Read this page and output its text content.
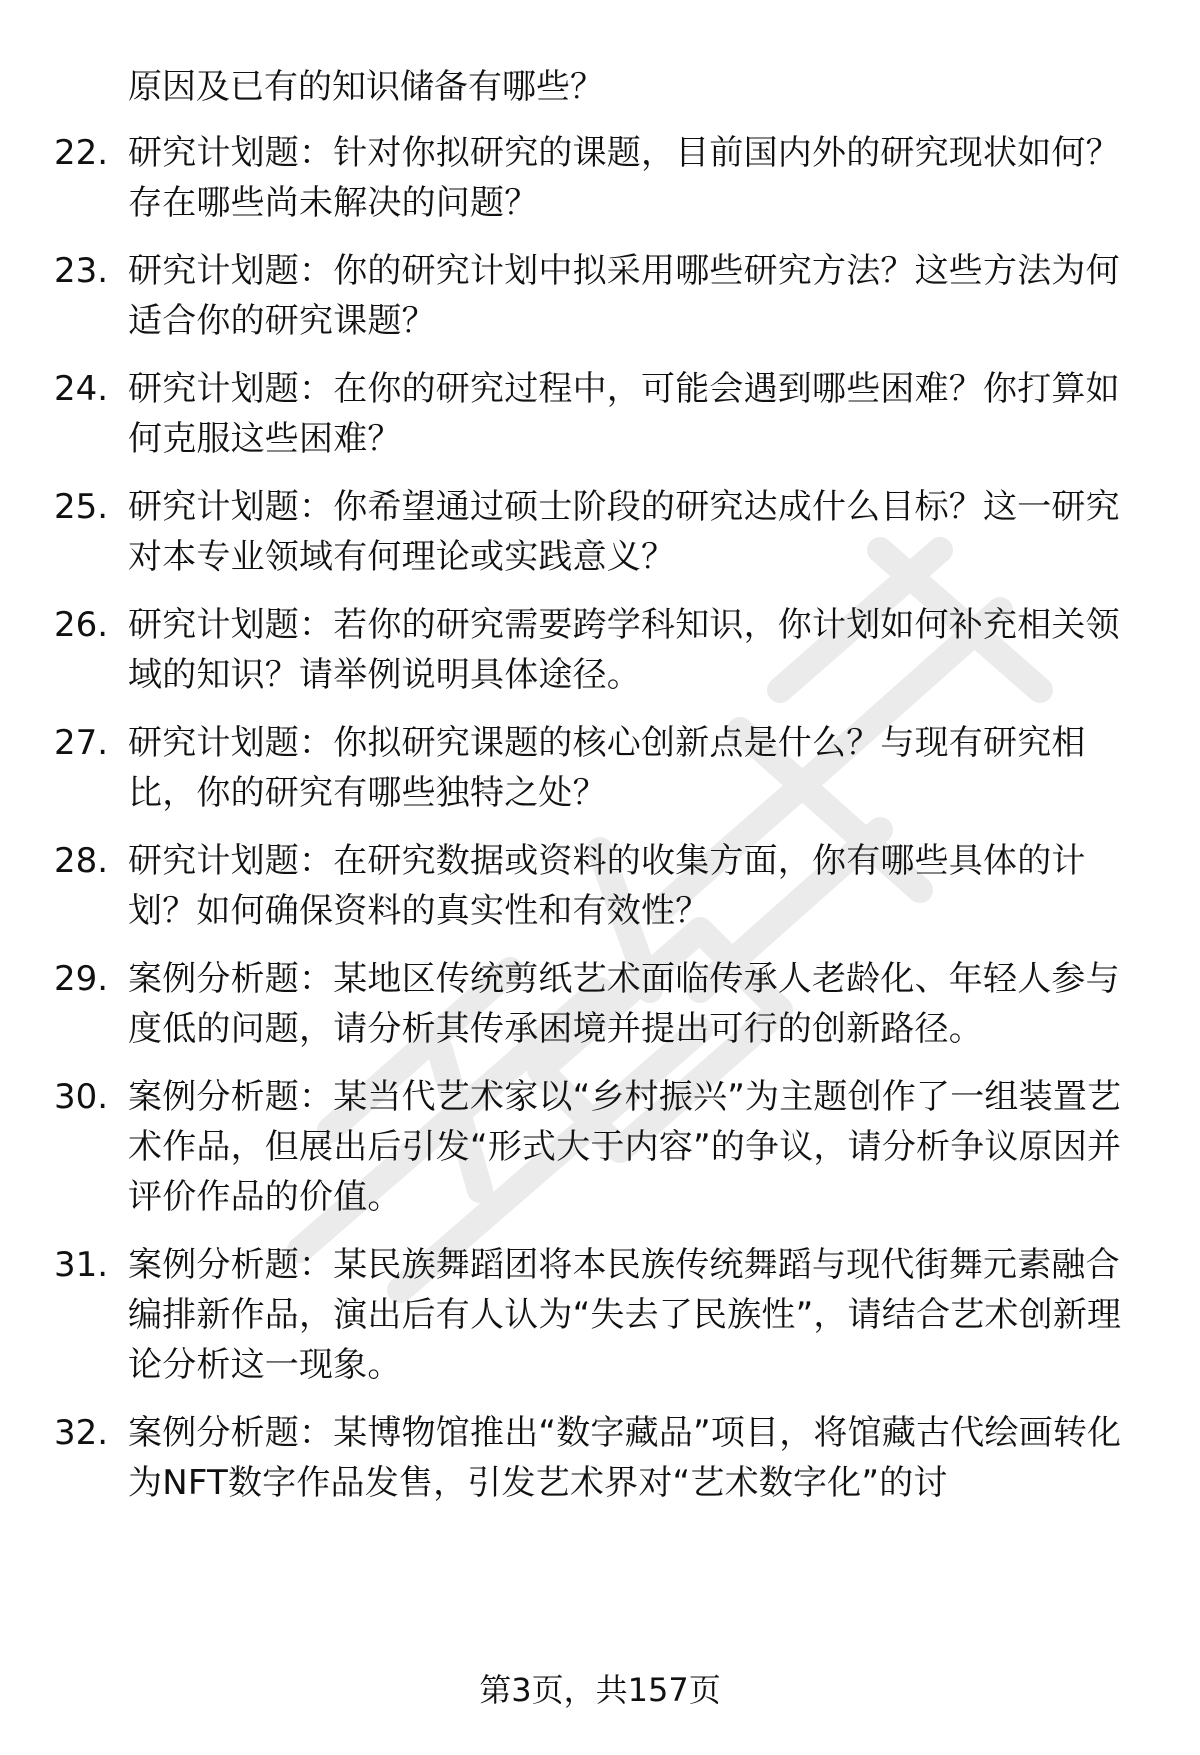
原因及已有的知识储备有哪些？
22. 研究计划题：针对你拟研究的课题，目前国内外的研究现状如何？存在哪些尚未解决的问题？
23. 研究计划题：你的研究计划中拟采用哪些研究方法？这些方法为何适合你的研究课题？
24. 研究计划题：在你的研究过程中，可能会遇到哪些困难？你打算如何克服这些困难？
25. 研究计划题：你希望通过硕士阶段的研究达成什么目标？这一研究对本专业领域有何理论或实践意义？
26. 研究计划题：若你的研究需要跨学科知识，你计划如何补充相关领域的知识？请举例说明具体途径。
27. 研究计划题：你拟研究课题的核心创新点是什么？与现有研究相比，你的研究有哪些独特之处？
28. 研究计划题：在研究数据或资料的收集方面，你有哪些具体的计划？如何确保资料的真实性和有效性？
29. 案例分析题：某地区传统剪纸艺术面临传承人老龄化、年轻人参与度低的问题，请分析其传承困境并提出可行的创新路径。
30. 案例分析题：某当代艺术家以“乡村振兴”为主题创作了一组装置艺术作品，但展出后引发“形式大于内容”的争议，请分析争议原因并评价作品的价值。
31. 案例分析题：某民族舞蹈团将本民族传统舞蹈与现代街舞元素融合编排新作品，演出后有人认为“失去了民族性”，请结合艺术创新理论分析这一现象。
32. 案例分析题：某博物馆推出“数字藏品”项目，将馆藏古代绘画转化为NFT数字作品发售，引发艺术界对“艺术数字化”的讨
第3页，共157页
